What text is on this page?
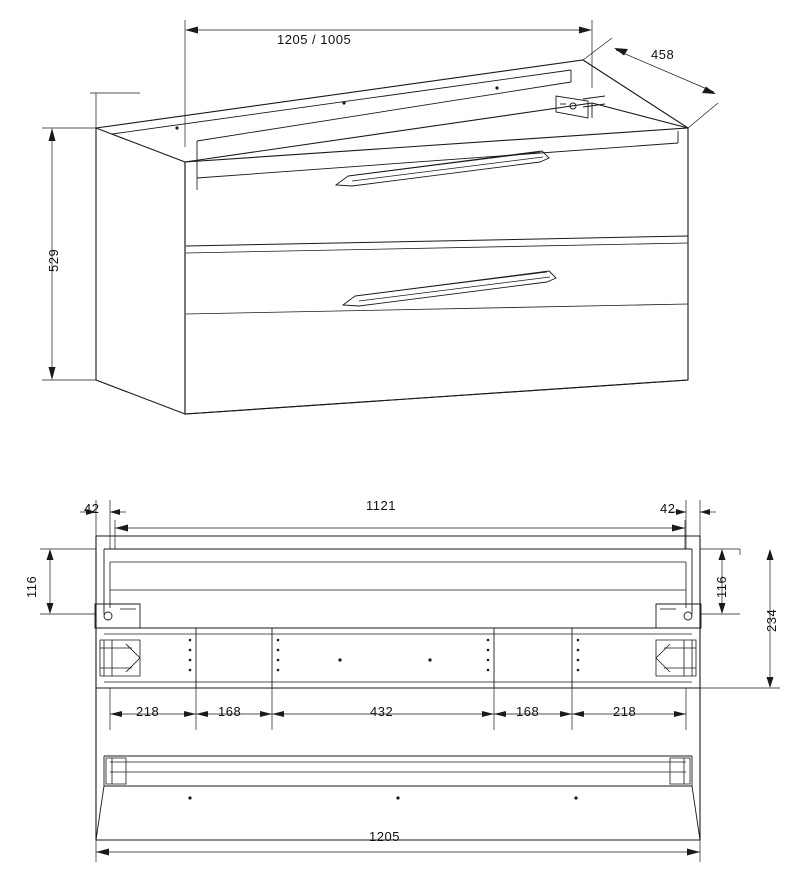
1205 / 1005
458
529
42	42
1121
116	116
234
218	168	432	168	218
1205
